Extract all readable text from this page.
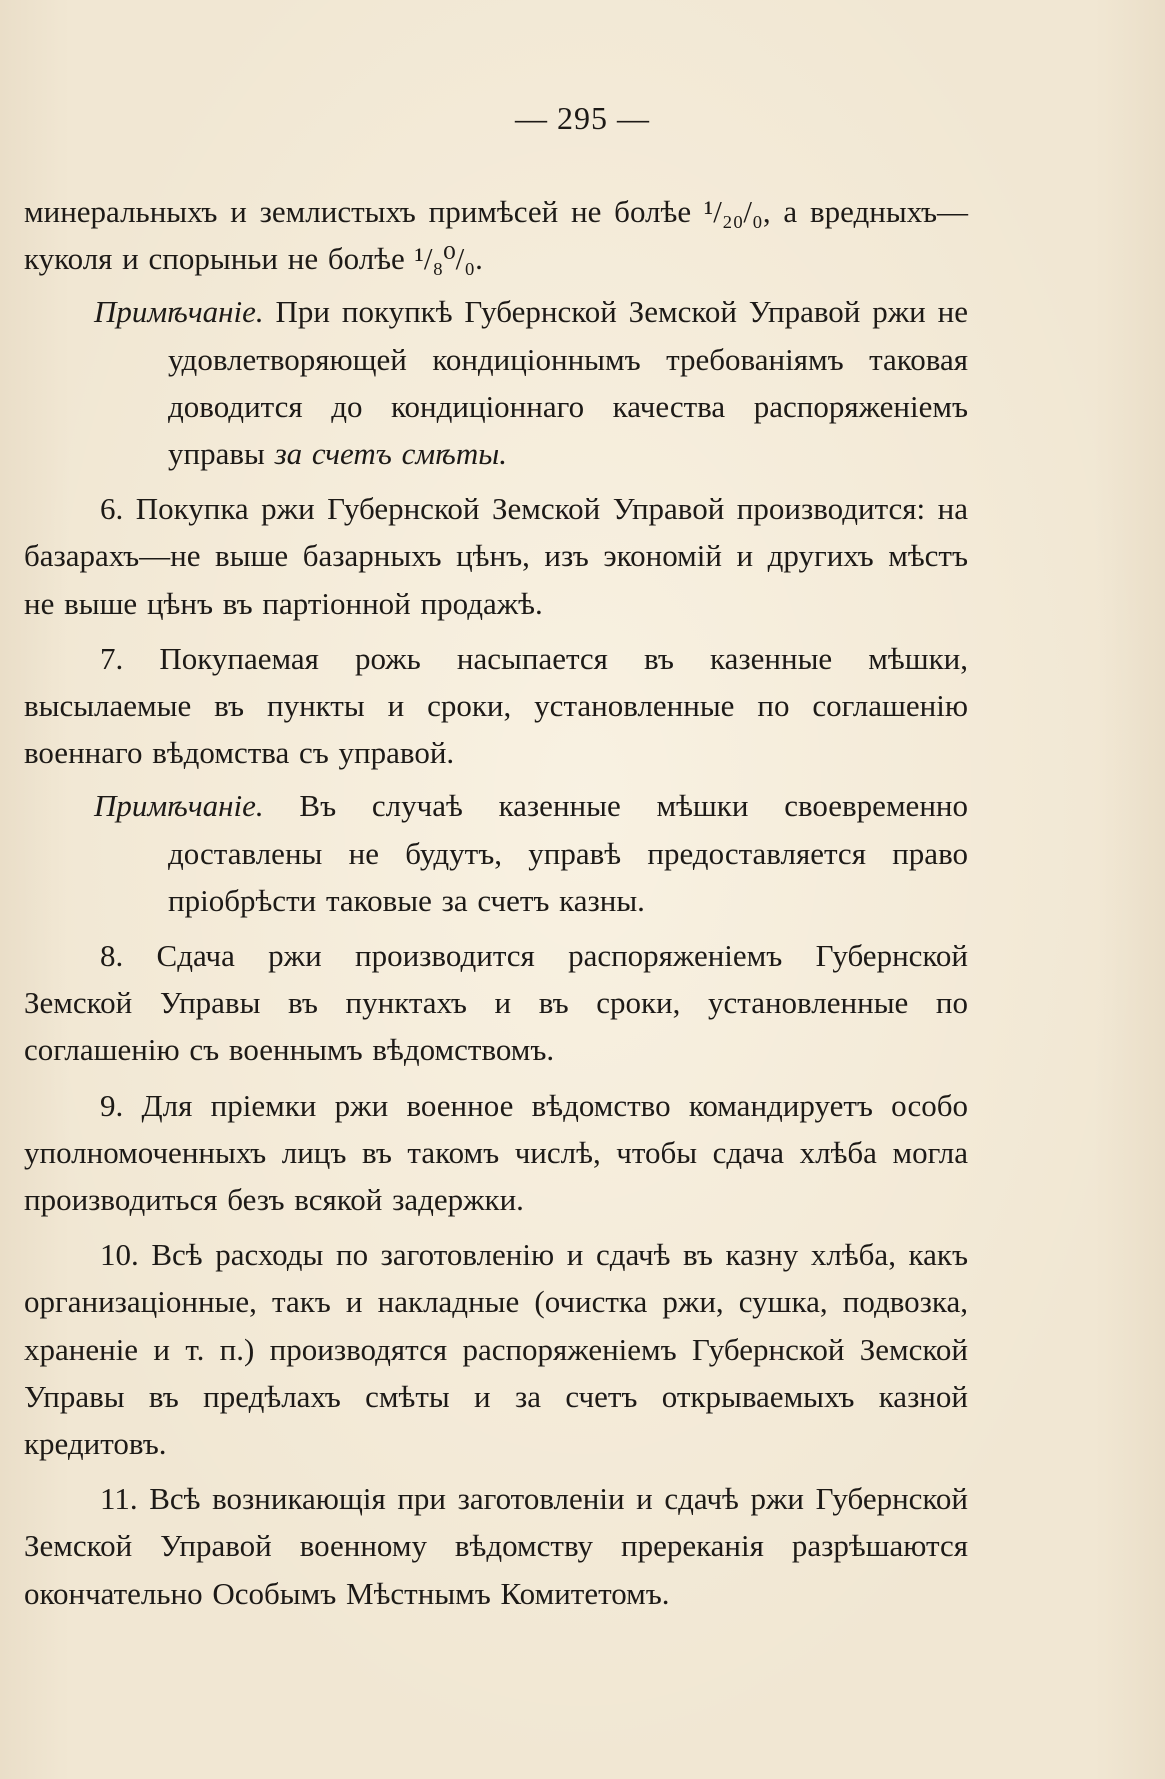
— 295 —

минеральныхъ и землистыхъ примѣсей не болѣе ¹/₂₀/₀, а вредныхъ—куколя и спорыньи не болѣе ¹/₈⁰/₀.

Примѣчаніе. При покупкѣ Губернской Земской Управой ржи не удовлетворяющей кондиціоннымъ требованіямъ таковая доводится до кондиціоннаго качества распоряженіемъ управы за счетъ смѣты.

6. Покупка ржи Губернской Земской Управой производится: на базарахъ—не выше базарныхъ цѣнъ, изъ экономій и другихъ мѣстъ не выше цѣнъ въ партіонной продажѣ.

7. Покупаемая рожь насыпается въ казенные мѣшки, высылаемые въ пункты и сроки, установленные по соглашенію военнаго вѣдомства съ управой.

Примѣчаніе. Въ случаѣ казенные мѣшки своевременно доставлены не будутъ, управѣ предоставляется право пріобрѣсти таковые за счетъ казны.

8. Сдача ржи производится распоряженіемъ Губернской Земской Управы въ пунктахъ и въ сроки, установленные по соглашенію съ военнымъ вѣдомствомъ.

9. Для пріемки ржи военное вѣдомство командируетъ особо уполномоченныхъ лицъ въ такомъ числѣ, чтобы сдача хлѣба могла производиться безъ всякой задержки.

10. Всѣ расходы по заготовленію и сдачѣ въ казну хлѣба, какъ организаціонные, такъ и накладные (очистка ржи, сушка, подвозка, храненіе и т. п.) производятся распоряженіемъ Губернской Земской Управы въ предѣлахъ смѣты и за счетъ открываемыхъ казной кредитовъ.

11. Всѣ возникающія при заготовленіи и сдачѣ ржи Губернской Земской Управой военному вѣдомству пререканія разрѣшаются окончательно Особымъ Мѣстнымъ Комитетомъ.
